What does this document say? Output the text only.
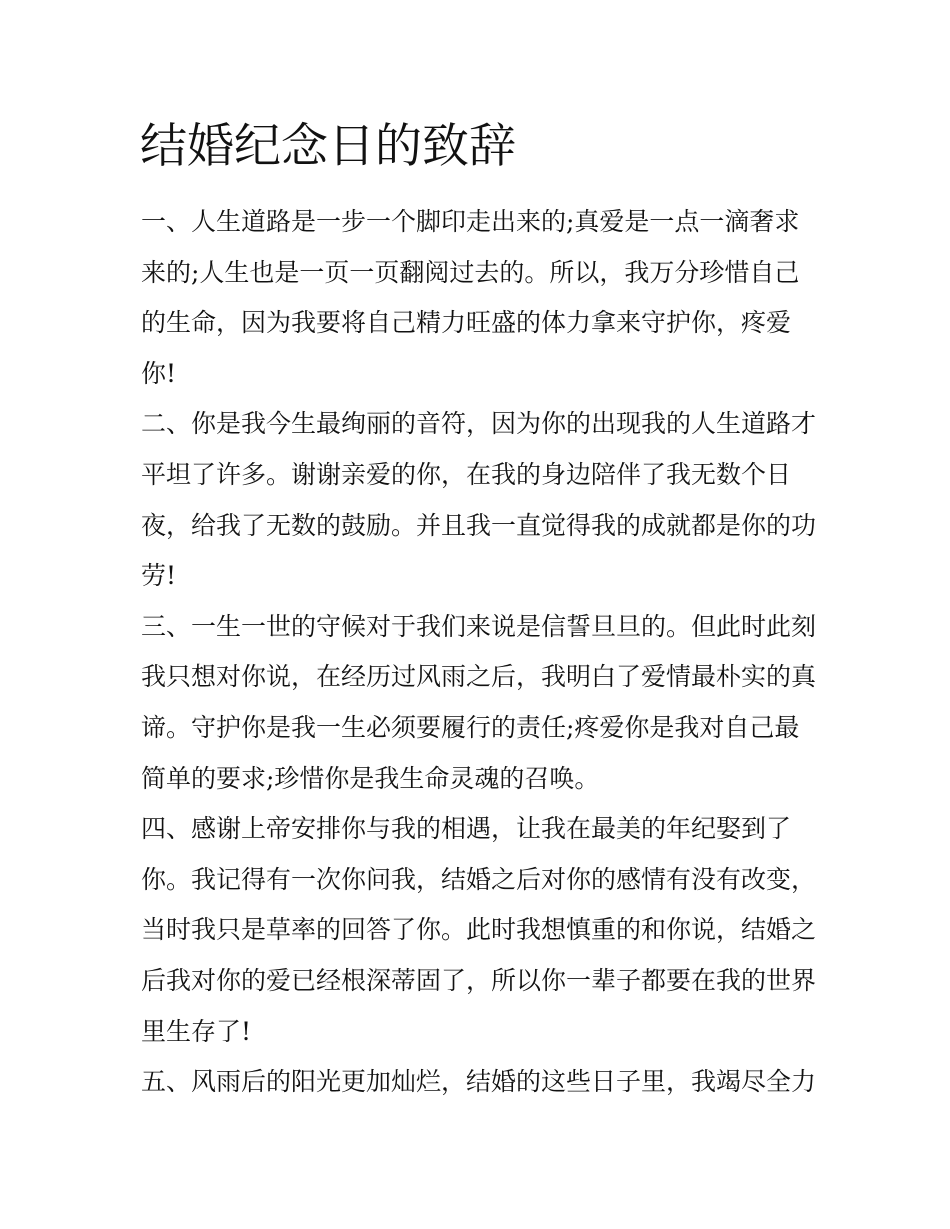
结婚纪念日的致辞
一、人生道路是一步一个脚印走出来的;真爱是一点一滴奢求
来的;人生也是一页一页翻阅过去的。所以，我万分珍惜自己
的生命，因为我要将自己精力旺盛的体力拿来守护你，疼爱
你!
二、你是我今生最绚丽的音符，因为你的出现我的人生道路才
平坦了许多。谢谢亲爱的你，在我的身边陪伴了我无数个日
夜，给我了无数的鼓励。并且我一直觉得我的成就都是你的功
劳!
三、一生一世的守候对于我们来说是信誓旦旦的。但此时此刻
我只想对你说，在经历过风雨之后，我明白了爱情最朴实的真
谛。守护你是我一生必须要履行的责任;疼爱你是我对自己最
简单的要求;珍惜你是我生命灵魂的召唤。
四、感谢上帝安排你与我的相遇，让我在最美的年纪娶到了
你。我记得有一次你问我，结婚之后对你的感情有没有改变，
当时我只是草率的回答了你。此时我想慎重的和你说，结婚之
后我对你的爱已经根深蒂固了，所以你一辈子都要在我的世界
里生存了!
五、风雨后的阳光更加灿烂，结婚的这些日子里，我竭尽全力
